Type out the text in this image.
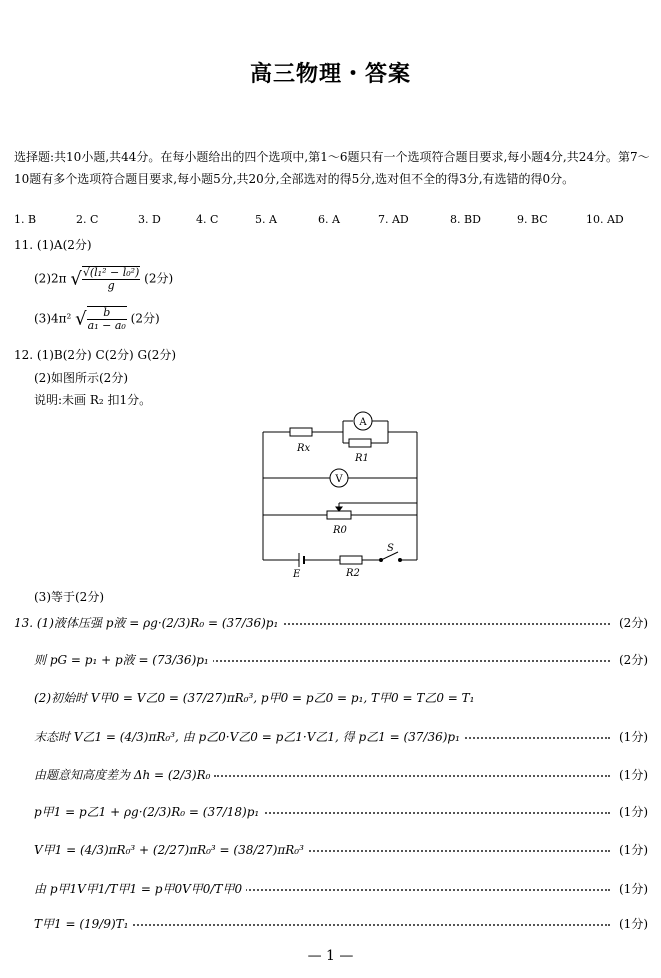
高三物理・答案
选择题:共10小题,共44分。在每小题给出的四个选项中,第1～6题只有一个选项符合题目要求,每小题4分,共24分。第7～10题有多个选项符合题目要求,每小题5分,共20分,全部选对的得5分,选对但不全的得3分,有选错的得0分。
1. B	2. C	3. D	4. C	5. A	6. A	7. AD	8. BD	9. BC	10. AD
11. (1)A(2分)
(2)2π √ $\frac{\text{√(l₁² − l₀²)}}{g} (2$分)
(3)4π² √ $\frac{b}{\text{a₁ − a₀}} (2$分)
12. (1)B(2分) C(2分) G(2分)
(2)如图所示(2分)
说明:未画 R₂ 扣1分。
Rx
R1
R0
R2
E
S
A
V
(3)等于(2分)
13. (1)液体压强 p液 = ρg·(2/3)R₀ = (37/36)p₁	(2分)
则 pG = p₁ + p液 = (73/36)p₁	(2分)
(2)初始时 V甲0 = V乙0 = (37/27)πR₀³, p甲0 = p乙0 = p₁, T甲0 = T乙0 = T₁
末态时 V乙1 = (4/3)πR₀³, 由 p乙0·V乙0 = p乙1·V乙1, 得 p乙1 = (37/36)p₁	(1分)
由题意知高度差为 Δh = (2/3)R₀	(1分)
p甲1 = p乙1 + ρg·(2/3)R₀ = (37/18)p₁	(1分)
V甲1 = (4/3)πR₀³ + (2/27)πR₀³ = (38/27)πR₀³	(1分)
由 p甲1V甲1/T甲1 = p甲0V甲0/T甲0	(1分)
T甲1 = (19/9)T₁	(1分)
— 1 —
